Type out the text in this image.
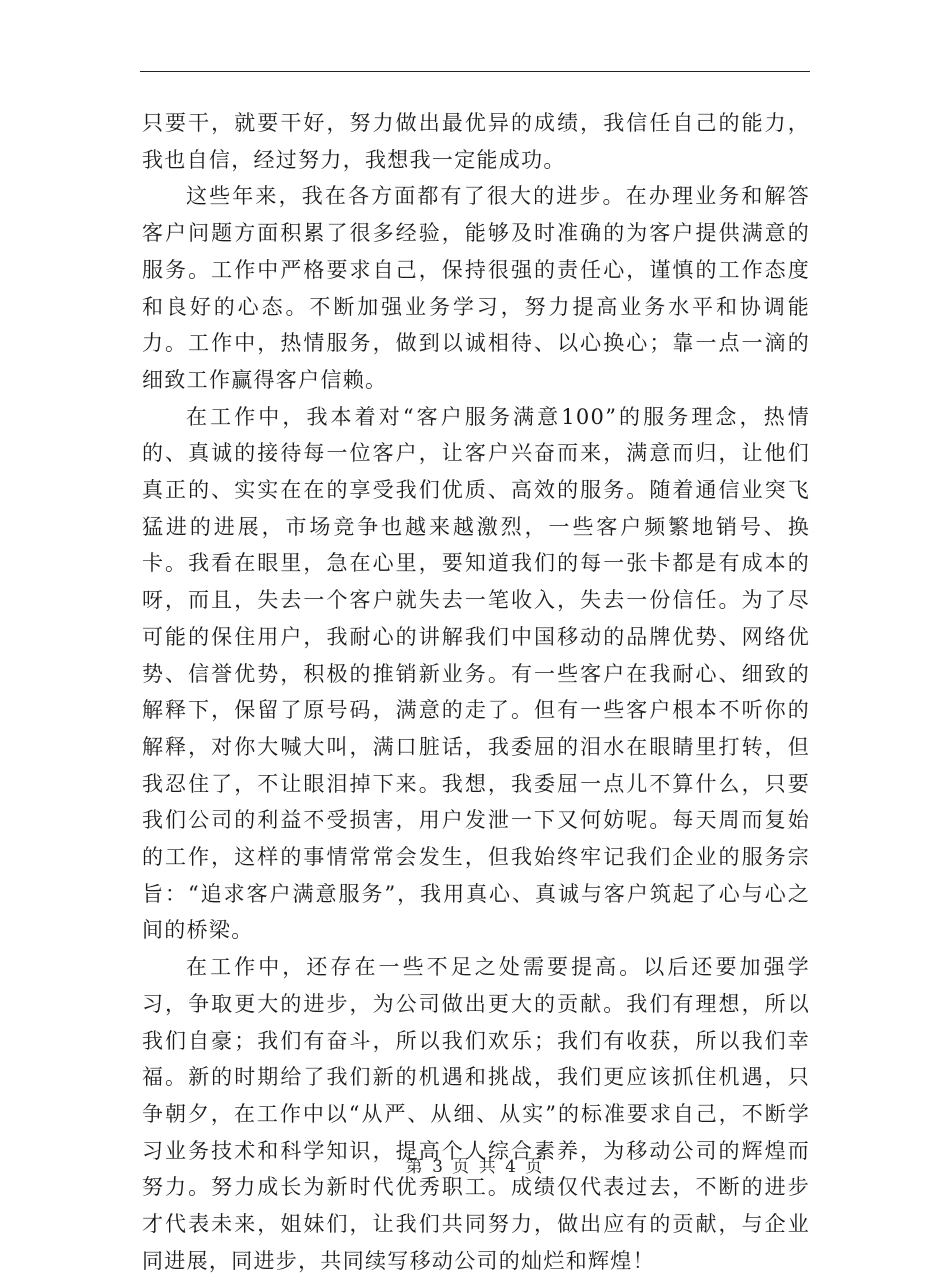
只要干，就要干好，努力做出最优异的成绩，我信任自己的能力，我也自信，经过努力，我想我一定能成功。

这些年来，我在各方面都有了很大的进步。在办理业务和解答客户问题方面积累了很多经验，能够及时准确的为客户提供满意的服务。工作中严格要求自己，保持很强的责任心，谨慎的工作态度和良好的心态。不断加强业务学习，努力提高业务水平和协调能力。工作中，热情服务，做到以诚相待、以心换心；靠一点一滴的细致工作赢得客户信赖。

在工作中，我本着对“客户服务满意100”的服务理念，热情的、真诚的接待每一位客户，让客户兴奋而来，满意而归，让他们真正的、实实在在的享受我们优质、高效的服务。随着通信业突飞猛进的进展，市场竞争也越来越激烈，一些客户频繁地销号、换卡。我看在眼里，急在心里，要知道我们的每一张卡都是有成本的呀，而且，失去一个客户就失去一笔收入，失去一份信任。为了尽可能的保住用户，我耐心的讲解我们中国移动的品牌优势、网络优势、信誉优势，积极的推销新业务。有一些客户在我耐心、细致的解释下，保留了原号码，满意的走了。但有一些客户根本不听你的解释，对你大喊大叫，满口脏话，我委屈的泪水在眼睛里打转，但我忍住了，不让眼泪掉下来。我想，我委屈一点儿不算什么，只要我们公司的利益不受损害，用户发泄一下又何妨呢。每天周而复始的工作，这样的事情常常会发生，但我始终牢记我们企业的服务宗旨：“追求客户满意服务”，我用真心、真诚与客户筑起了心与心之间的桥梁。

在工作中，还存在一些不足之处需要提高。以后还要加强学习，争取更大的进步，为公司做出更大的贡献。我们有理想，所以我们自豪；我们有奋斗，所以我们欢乐；我们有收获，所以我们幸福。新的时期给了我们新的机遇和挑战，我们更应该抓住机遇，只争朝夕，在工作中以“从严、从细、从实”的标准要求自己，不断学习业务技术和科学知识，提高个人综合素养，为移动公司的辉煌而努力。努力成长为新时代优秀职工。成绩仅代表过去，不断的进步才代表未来，姐妹们，让我们共同努力，做出应有的贡献，与企业同进展，同进步，共同续写移动公司的灿烂和辉煌！

第 3 页 共 4 页
